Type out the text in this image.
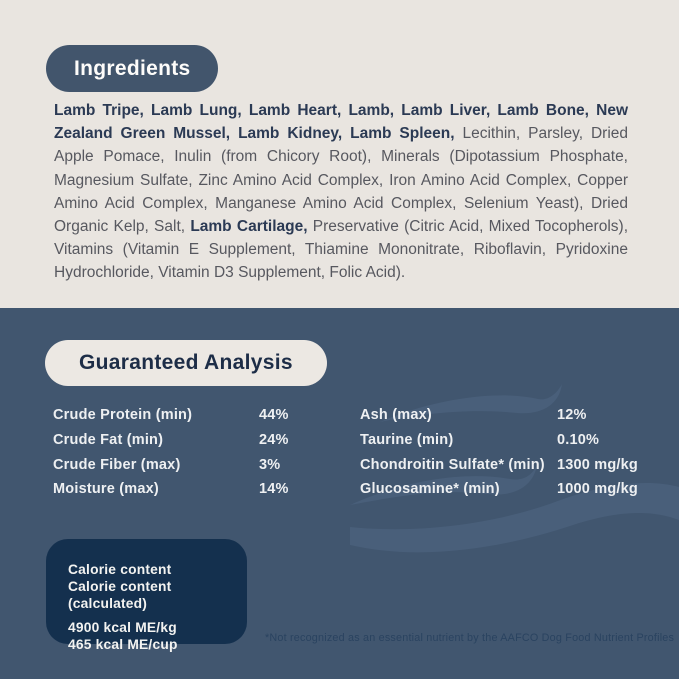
Ingredients

Lamb Tripe, Lamb Lung, Lamb Heart, Lamb, Lamb Liver, Lamb Bone, New Zealand Green Mussel, Lamb Kidney, Lamb Spleen, Lecithin, Parsley, Dried Apple Pomace, Inulin (from Chicory Root), Minerals (Dipotassium Phosphate, Magnesium Sulfate, Zinc Amino Acid Complex, Iron Amino Acid Complex, Copper Amino Acid Complex, Manganese Amino Acid Complex, Selenium Yeast), Dried Organic Kelp, Salt, Lamb Cartilage, Preservative (Citric Acid, Mixed Tocopherols), Vitamins (Vitamin E Supplement, Thiamine Mononitrate, Riboflavin, Pyridoxine Hydrochloride, Vitamin D3 Supplement, Folic Acid).

Guaranteed Analysis
Crude Protein (min)	44%
Crude Fat (min)	24%
Crude Fiber (max)	3%
Moisture (max)	14%
Ash (max)	12%
Taurine (min)	0.10%
Chondroitin Sulfate* (min) 1300 mg/kg
Glucosamine* (min)	1000 mg/kg

Calorie content

Calorie content (calculated)

4900 kcal ME/kg

465 kcal ME/cup	*Not recognized as an essential nutrient by the AAFCO Dog Food Nutrient Profiles
